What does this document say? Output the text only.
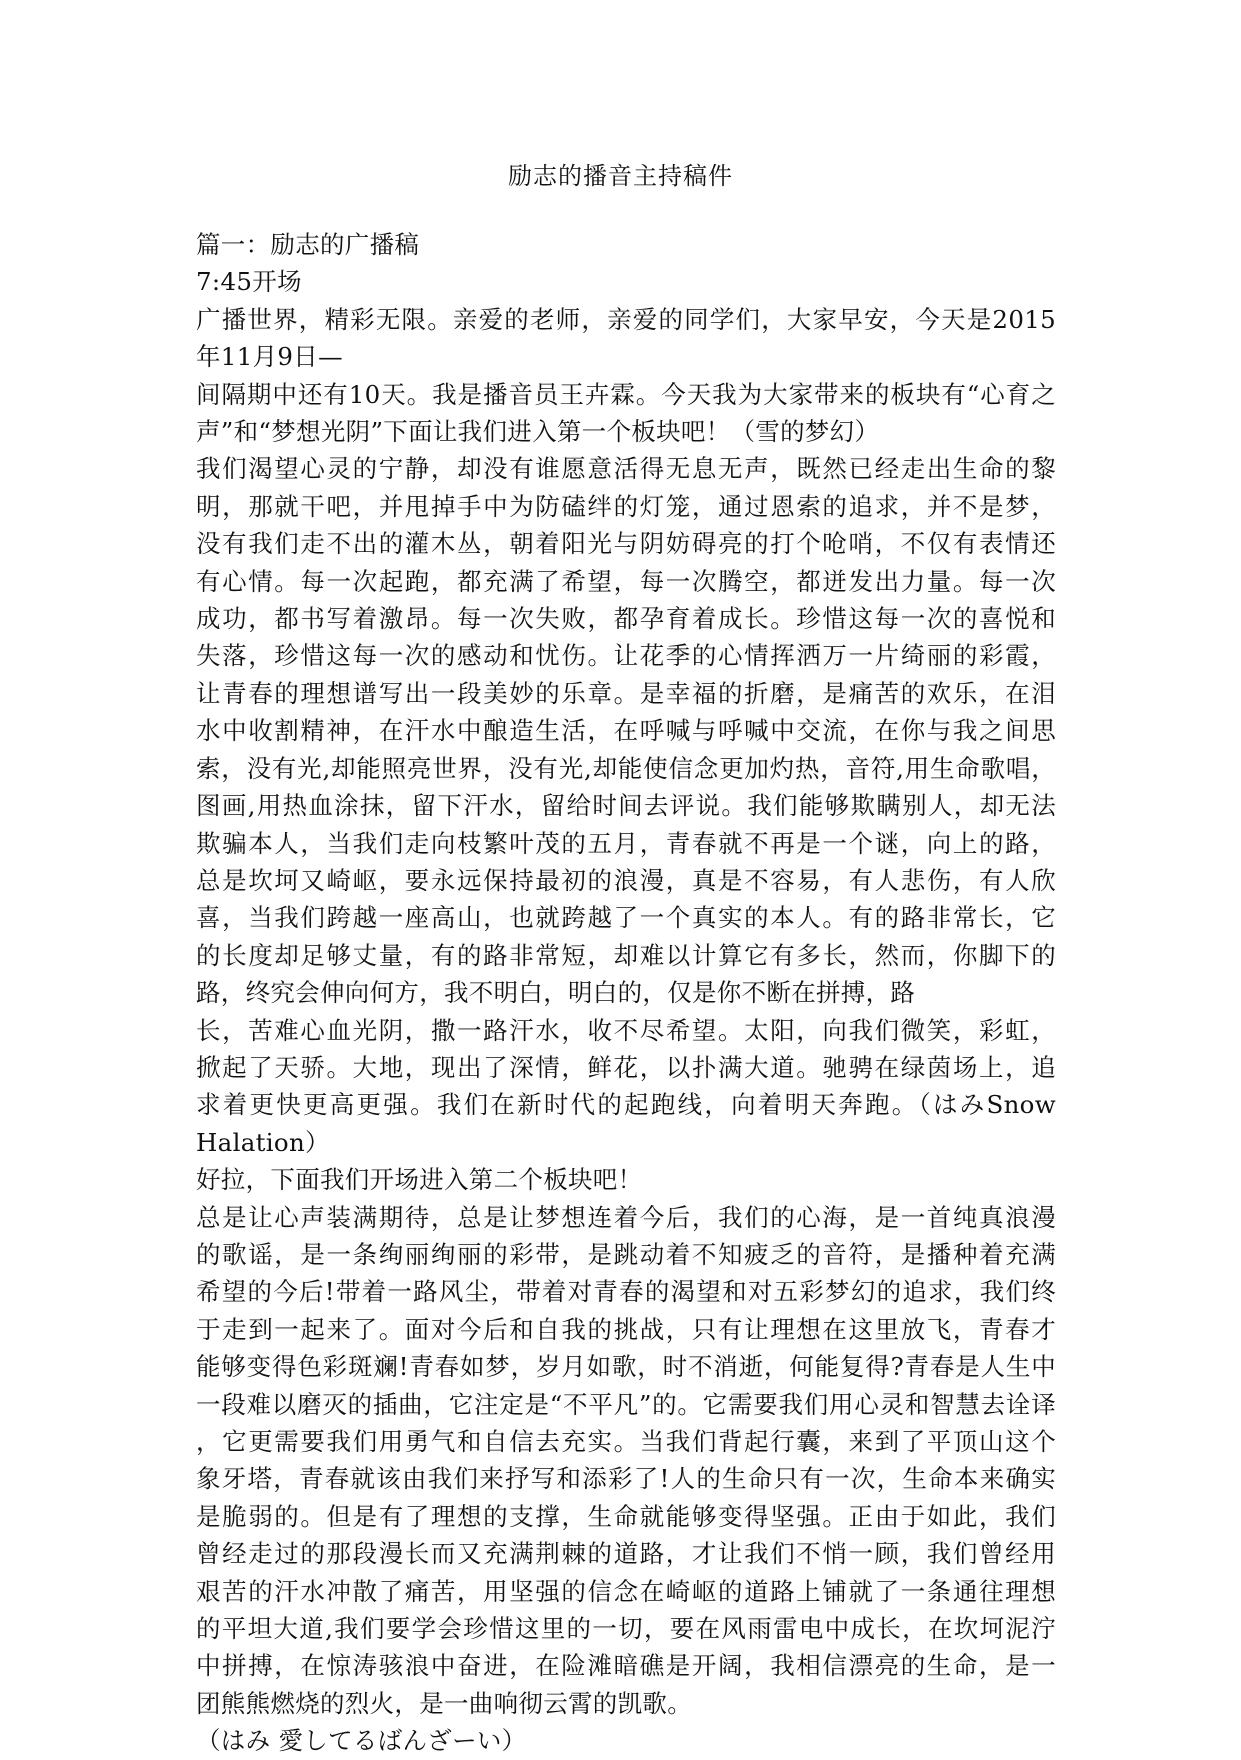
励志的播音主持稿件
篇一：励志的广播稿
7:45开场
广播世界，精彩无限。亲爱的老师，亲爱的同学们，大家早安，今天是2015
年11月9日—
间隔期中还有10天。我是播音员王卉霖。今天我为大家带来的板块有“心育之
声”和“梦想光阴”下面让我们进入第一个板块吧！（雪的梦幻）
我们渴望心灵的宁静，却没有谁愿意活得无息无声，既然已经走出生命的黎
明，那就干吧，并甩掉手中为防磕绊的灯笼，通过恩索的追求，并不是梦，
没有我们走不出的灌木丛，朝着阳光与阴妨碍亮的打个呛哨，不仅有表情还
有心情。每一次起跑，都充满了希望，每一次腾空，都迸发出力量。每一次
成功，都书写着激昂。每一次失败，都孕育着成长。珍惜这每一次的喜悦和
失落，珍惜这每一次的感动和忧伤。让花季的心情挥洒万一片绮丽的彩霞，
让青春的理想谱写出一段美妙的乐章。是幸福的折磨，是痛苦的欢乐，在泪
水中收割精神，在汗水中酿造生活，在呼喊与呼喊中交流，在你与我之间思
索，没有光,却能照亮世界，没有光,却能使信念更加灼热，音符,用生命歌唱，
图画,用热血涂抹，留下汗水，留给时间去评说。我们能够欺瞒别人，却无法
欺骗本人，当我们走向枝繁叶茂的五月，青春就不再是一个谜，向上的路，
总是坎坷又崎岖，要永远保持最初的浪漫，真是不容易，有人悲伤，有人欣
喜，当我们跨越一座高山，也就跨越了一个真实的本人。有的路非常长，它
的长度却足够丈量，有的路非常短，却难以计算它有多长，然而，你脚下的
路，终究会伸向何方，我不明白，明白的，仅是你不断在拼搏，路
长，苦难心血光阴，撒一路汗水，收不尽希望。太阳，向我们微笑，彩虹，
掀起了天骄。大地，现出了深情，鲜花，以扑满大道。驰骋在绿茵场上，追
求着更快更高更强。我们在新时代的起跑线，向着明天奔跑。（はみSnow
Halation）
好拉，下面我们开场进入第二个板块吧！
总是让心声装满期待，总是让梦想连着今后，我们的心海，是一首纯真浪漫
的歌谣，是一条绚丽绚丽的彩带，是跳动着不知疲乏的音符，是播种着充满
希望的今后!带着一路风尘，带着对青春的渴望和对五彩梦幻的追求，我们终
于走到一起来了。面对今后和自我的挑战，只有让理想在这里放飞，青春才
能够变得色彩斑斓!青春如梦，岁月如歌，时不消逝，何能复得?青春是人生中
一段难以磨灭的插曲，它注定是“不平凡”的。它需要我们用心灵和智慧去诠译
，它更需要我们用勇气和自信去充实。当我们背起行囊，来到了平顶山这个
象牙塔，青春就该由我们来抒写和添彩了!人的生命只有一次，生命本来确实
是脆弱的。但是有了理想的支撑，生命就能够变得坚强。正由于如此，我们
曾经走过的那段漫长而又充满荆棘的道路，才让我们不悄一顾，我们曾经用
艰苦的汗水冲散了痛苦，用坚强的信念在崎岖的道路上铺就了一条通往理想
的平坦大道,我们要学会珍惜这里的一切，要在风雨雷电中成长，在坎坷泥泞
中拼搏，在惊涛骇浪中奋进，在险滩暗礁是开阔，我相信漂亮的生命，是一
团熊熊燃烧的烈火，是一曲响彻云霄的凯歌。
（はみ 愛してるばんざーい）
